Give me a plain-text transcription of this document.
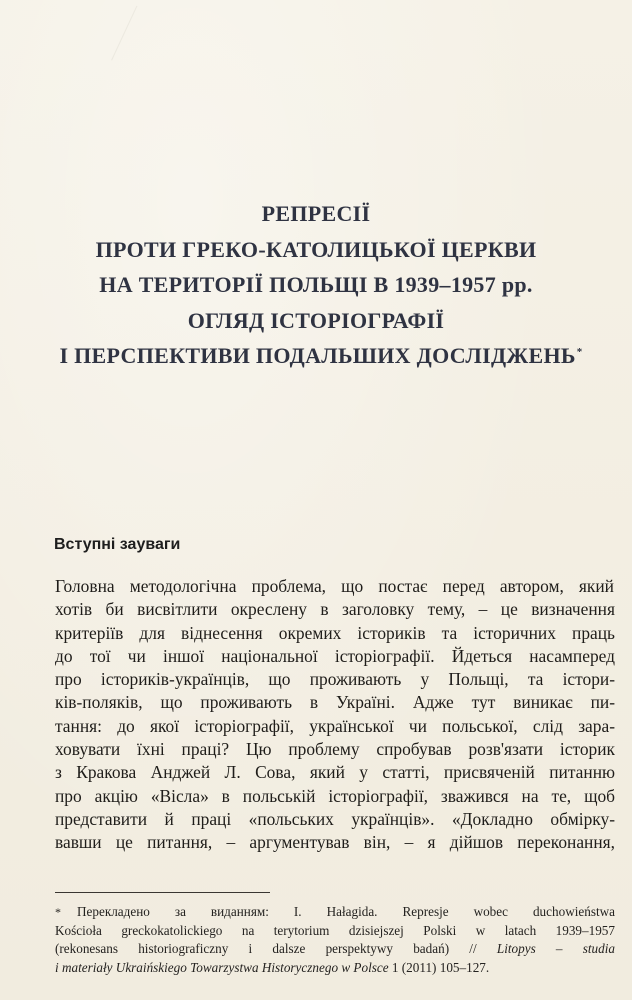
РЕПРЕСІЇ
ПРОТИ ГРЕКО-КАТОЛИЦЬКОЇ ЦЕРКВИ
НА ТЕРИТОРІЇ ПОЛЬЩІ В 1939–1957 рр.
ОГЛЯД ІСТОРІОГРАФІЇ
І ПЕРСПЕКТИВИ ПОДАЛЬШИХ ДОСЛІДЖЕНЬ*
Вступні зауваги
Головна методологічна проблема, що постає перед автором, який
хотів би висвітлити окреслену в заголовку тему, – це визначення
критеріїв для віднесення окремих істориків та історичних праць
до тої чи іншої національної історіографії. Йдеться насамперед
про істориків-українців, що проживають у Польщі, та істори-
ків-поляків, що проживають в Україні. Адже тут виникає пи-
тання: до якої історіографії, української чи польської, слід зара-
ховувати їхні праці? Цю проблему спробував розв'язати історик
з Кракова Анджей Л. Сова, який у статті, присвяченій питанню
про акцію «Вісла» в польській історіографії, зважився на те, щоб
представити й праці «польських українців». «Докладно обмірку-
вавши це питання, – аргументував він, – я дійшов переконання,
* Перекладено за виданням: I. Hałagida. Represje wobec duchowieństwa
Kościoła greckokatolickiego na terytorium dzisiejszej Polski w latach 1939–1957
(rekonesans historiograficzny i dalsze perspektywy badań) // Litopys – studia
i materiały Ukraińskiego Towarzystwa Historycznego w Polsce 1 (2011) 105–127.
